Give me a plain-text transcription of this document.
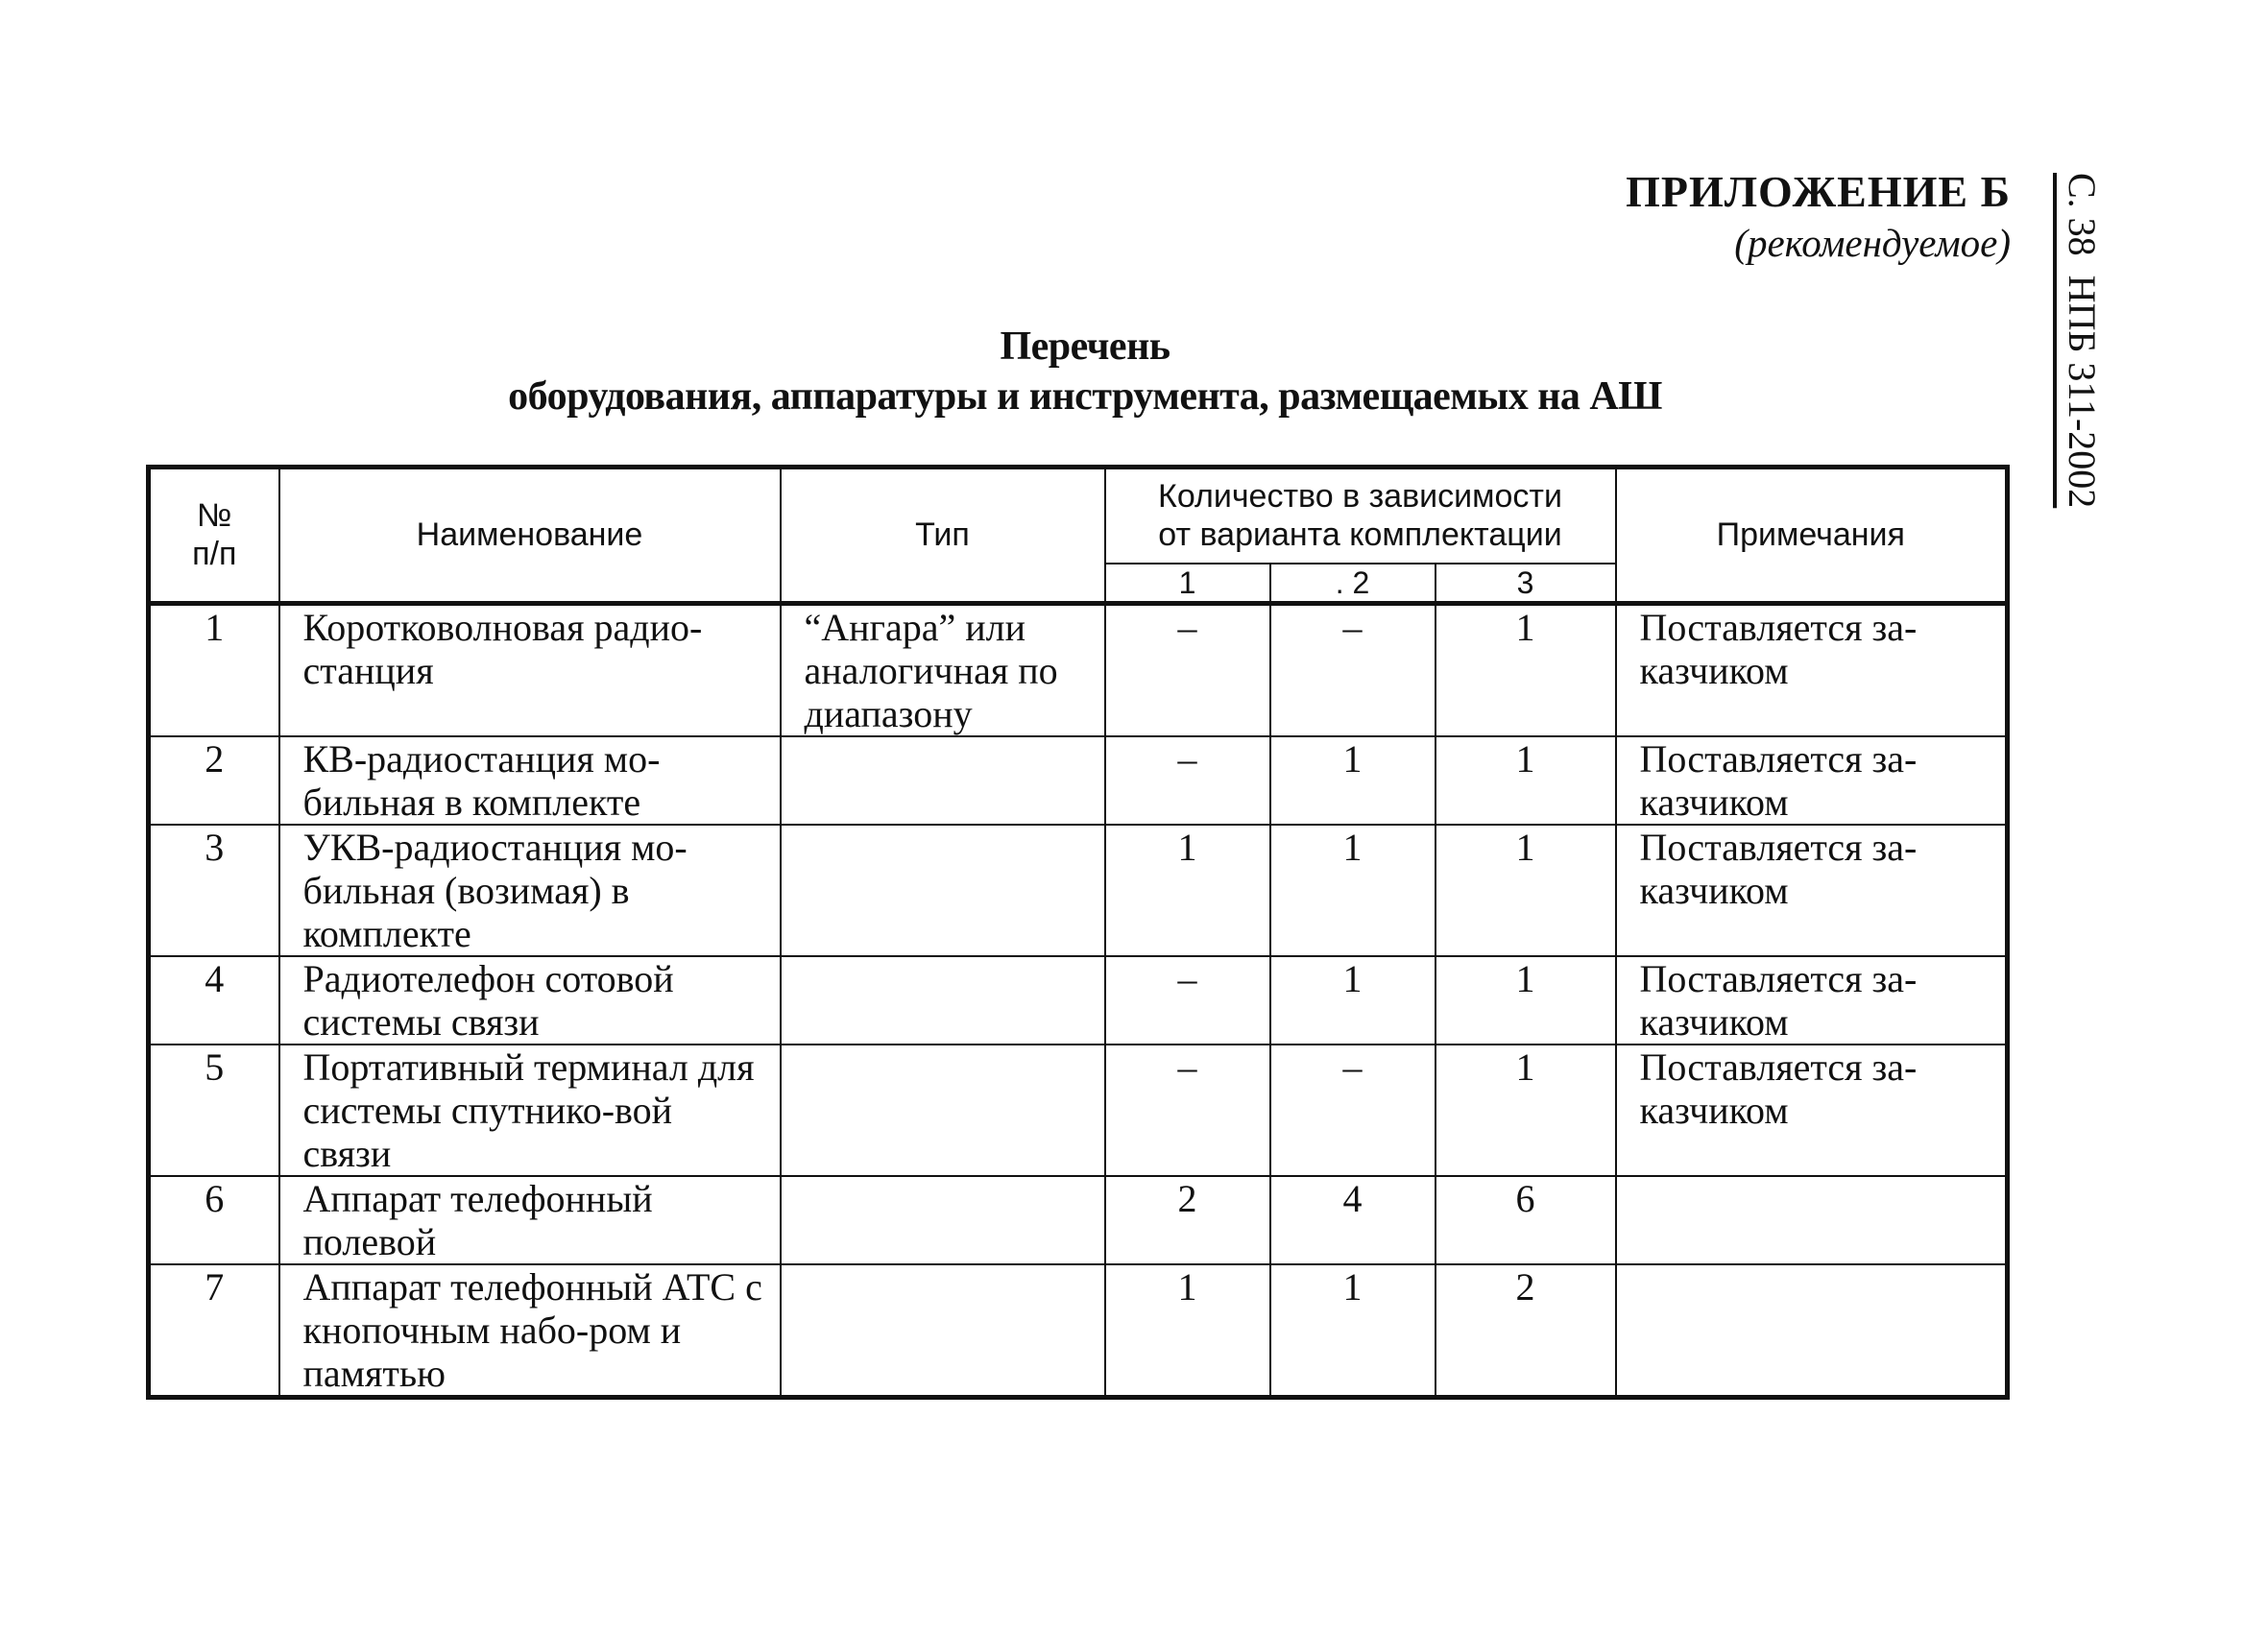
ПРИЛОЖЕНИЕ Б
(рекомендуемое) С. 38  НПБ 311-2002
Перечень
оборудования, аппаратуры и инструмента, размещаемых на АШ
№ п/п	Наименование	Тип	Количество в зависимости от варианта комплектации			Примечания
			1	. 2	3	
1	Коротковолновая радио-станция	“Ангара” или аналогичная по диапазону	–	–	1	Поставляется за-казчиком
2	КВ-радиостанция мо-бильная в комплекте		–	1	1	Поставляется за-казчиком
3	УКВ-радиостанция мо-бильная (возимая) в комплекте		1	1	1	Поставляется за-казчиком
4	Радиотелефон сотовой системы связи		–	1	1	Поставляется за-казчиком
5	Портативный терминал для системы спутнико-вой связи		–	–	1	Поставляется за-казчиком
6	Аппарат телефонный полевой		2	4	6	
7	Аппарат телефонный АТС с кнопочным набо-ром и памятью		1	1	2	
